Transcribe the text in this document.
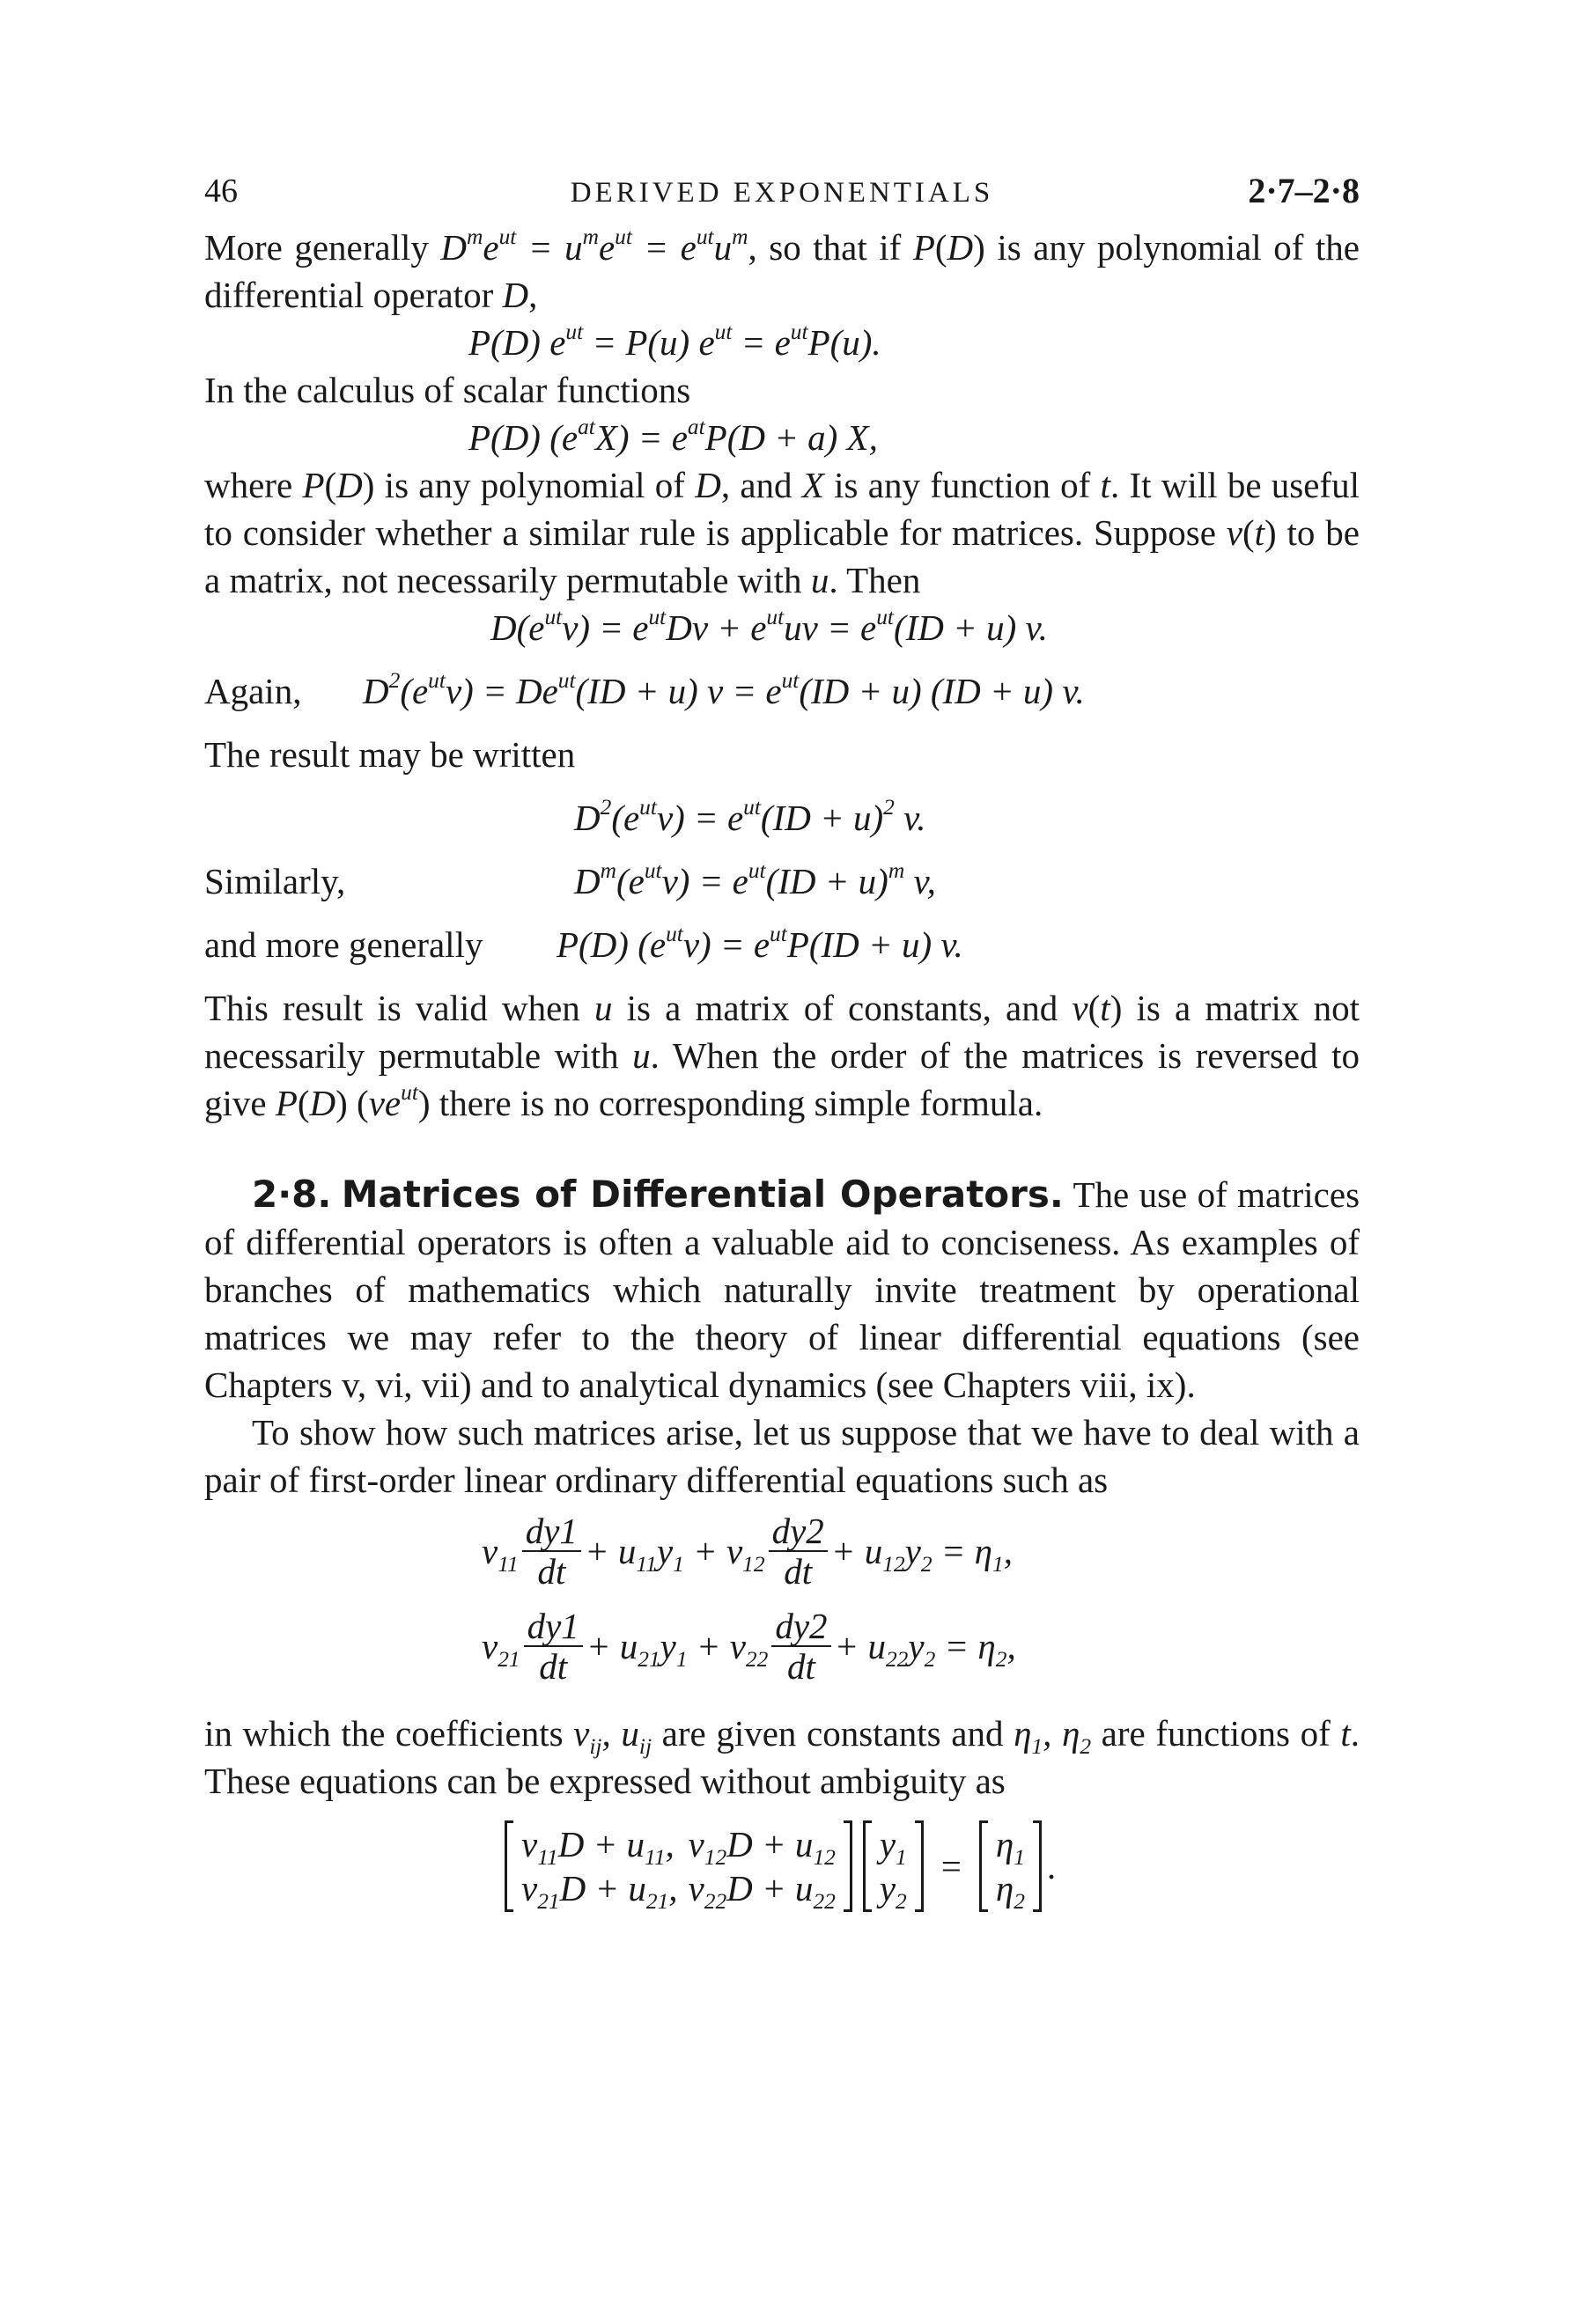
46	DERIVED EXPONENTIALS	2·7–2·8

More generally $D^me^{ut} = u^me^{ut} = e^{ut}u^m$, so that if P(D) is any polynomial of the differential operator D,

P(D) $e^{ut} = P(u) e^{ut} = e^{ut}P(u)$.

In the calculus of scalar functions

P(D) $(e^{at}X) = e^{at}P(D + a)$ X,

where P(D) is any polynomial of D, and X is any function of t. It will be useful to consider whether a similar rule is applicable for matrices. Suppose v(t) to be a matrix, not necessarily permutable with u. Then

$D(e^{ut}v) = e^{ut}Dv + e^{ut}uv = e^{ut}(ID + u)$ v.
Again, $D^2(e^{ut}v) = De^{ut}(ID + u) v = e^{ut}(ID + u) (ID + u)$ v.

The result may be written

$D^2(e^{ut}v) = e^{ut}(ID + u)^2$ v.
Similarly,	$D^m(e^{ut}v) = e^{ut}(ID + u)^m$ v,
and more generally P(D) $(e^{ut}v) = e^{ut}P(ID + u)$ v.

This result is valid when u is a matrix of constants, and v(t) is a matrix not necessarily permutable with u. When the order of the matrices is reversed to give P(D) $(ve^{ut})$ there is no corresponding simple formula.

2·8. Matrices of Differential Operators. The use of matrices of differential operators is often a valuable aid to conciseness. As examples of branches of mathematics which naturally invite treatment by operational matrices we may refer to the theory of linear differential equations (see Chapters v, vi, vii) and to analytical dynamics (see Chapters viii, ix).

To show how such matrices arise, let us suppose that we have to deal with a pair of first-order linear ordinary differential equations such as

$v_{11} \frac{dy1}{dt} + u_{11}y_1 + v_{12} \frac{dy2}{dt} + u_{12}y_2 = \eta_1$,
$v_{21} \frac{dy1}{dt} + u_{21}y_1 + v_{22} \frac{dy2}{dt} + u_{22}y_2 = \eta_2$,

in which the coefficients $v_{ij}$, $u_{ij}$ are given constants and $\eta_1$, $\eta_2$ are functions of t. These equations can be expressed without ambiguity as

$v_{11}D + u_{11}$,	$v_{12}D + u_{12}$
$v_{21}D + u_{21}$,	$v_{22}D + u_{22}$
$y_1$
$y_2$
=
$\eta_1$
$\eta_2$
.
